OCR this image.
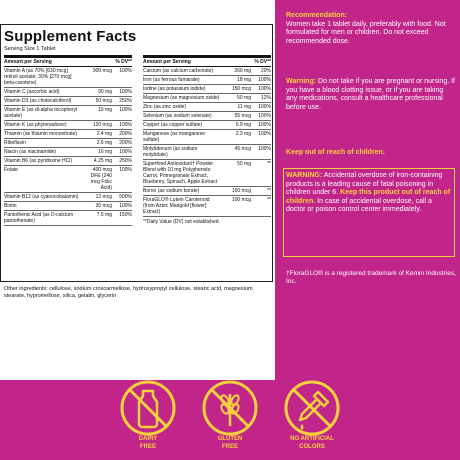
Supplement Facts
Serving Size 1 Tablet
Amount per Serving	% DV**
Vitamin A (as 70% [630 mcg] retinol acetate, 30% [270 mcg] beta-carotene)
900 mcg	100%
Vitamin C (ascorbic acid)	90 mg	100%
Vitamin D3 (as cholecalciferol)	50 mcg	250%
Vitamin E (as dl-alpha tocopheryl acetate)
15 mg	100%
Vitamin K (as phytonadione)	120 mcg	100%
Thiamin (as thiamin mononitrate)	2.4 mg	200%
Riboflavin	2.6 mg	200%
Niacin (as niacinamide)	16 mg	100%
Vitamin B6 (as pyridoxine HCl)	4.25 mg	250%
Folate	400 mcg DFE (240 mcg Folic Acid)
100%
Vitamin B12 (as cyanocobalamin)	12 mcg	500%
Biotin	30 mcg	100%
Pantothenic Acid (as D-calcium pantothenate)
7.5 mg	150%
Amount per Serving	% DV**
Calcium (as calcium carbonate)	260 mg	20%
Iron (as ferrous fumarate)	18 mg	100%
Iodine (as potassium iodide)	150 mcg	100%
Magnesium (as magnesium oxide)	50 mg	12%
Zinc (as zinc oxide)	11 mg	100%
Selenium (as sodium selenate)	55 mcg	100%
Copper (as copper sulfate)	0.9 mg	100%
Manganese (as manganese sulfate)
2.3 mg	100%
Molybdenum (as sodium molybdate)
45 mcg	100%
Superfood Antioxidant† Powder Blend with 10 mg Polyphenols: Carrot, Pomegranate Extract, Blueberry, Spinach, Apple Extract
50 mg	**
Boron (as sodium borate)	150 mcg	**
FloraGLO® Lutein Carotenoid (from Aztec Marigold [flower] Extract)
100 mcg	**
**Daily Value (DV) not established.
Other ingredients: cellulose, sodium croscarmellose, hydroxypropyl cellulose, stearic acid, magnesium stearate, hypromellose, silica, gelatin, glycerin
Recommendation:
Women take 1 tablet daily, preferably with food. Not formulated for men or children. Do not exceed recommended dose.
Warning: Do not take if you are pregnant or nursing. If you have a blood clotting issue, or if you are taking any medications, consult a healthcare professional before use.
Keep out of reach of children.
WARNING: Accidental overdose of iron-containing products is a leading cause of fatal poisoning in children under 6. Keep this product out of reach of children. In case of accidental overdose, call a doctor or poison control center immediately.
†FloraGLO® is a registered trademark of Kemin Industries, Inc.
DAIRY
FREE
GLUTEN
FREE
NO ARTIFICIAL
COLORS
